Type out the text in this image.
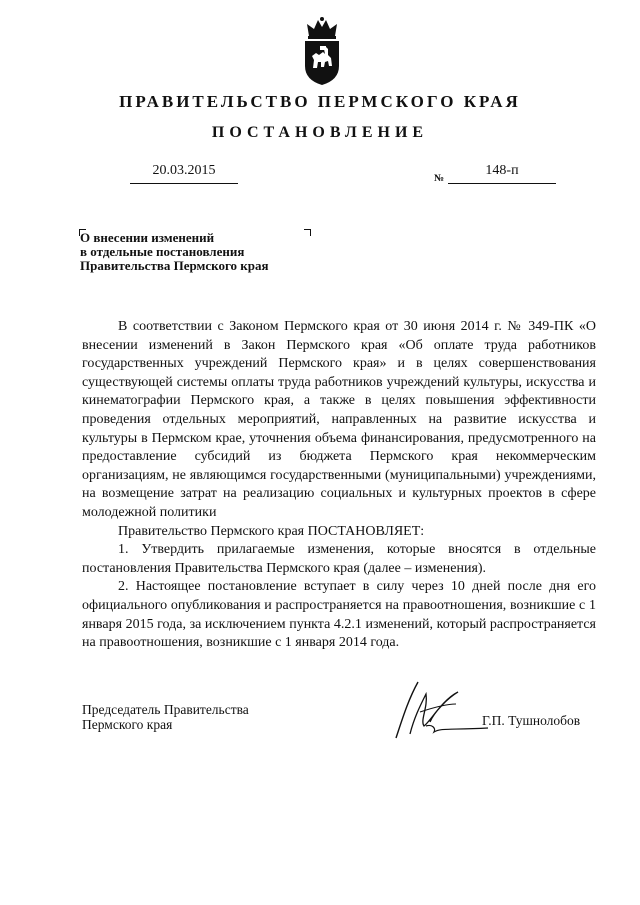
ПРАВИТЕЛЬСТВО ПЕРМСКОГО КРАЯ
ПОСТАНОВЛЕНИЕ
20.03.2015
№
148-п
О внесении изменений
в отдельные постановления
Правительства Пермского края

В соответствии с Законом Пермского края от 30 июня 2014 г. № 349-ПК «О внесении изменений в Закон Пермского края «Об оплате труда работников государственных учреждений Пермского края» и в целях совершенствования существующей системы оплаты труда работников учреждений культуры, искусства и кинематографии Пермского края, а также в целях повышения эффективности проведения отдельных мероприятий, направленных на развитие искусства и культуры в Пермском крае, уточнения объема финансирования, предусмотренного на предоставление субсидий из бюджета Пермского края некоммерческим организациям, не являющимся государственными (муниципальными) учреждениями, на возмещение затрат на реализацию социальных и культурных проектов в сфере молодежной политики

Правительство Пермского края ПОСТАНОВЛЯЕТ:

1. Утвердить прилагаемые изменения, которые вносятся в отдельные постановления Правительства Пермского края (далее – изменения).

2. Настоящее постановление вступает в силу через 10 дней после дня его официального опубликования и распространяется на правоотношения, возникшие с 1 января 2015 года, за исключением пункта 4.2.1 изменений, который распространяется на правоотношения, возникшие с 1 января 2014 года.

Председатель Правительства
Пермского края	Г.П. Тушнолобов
